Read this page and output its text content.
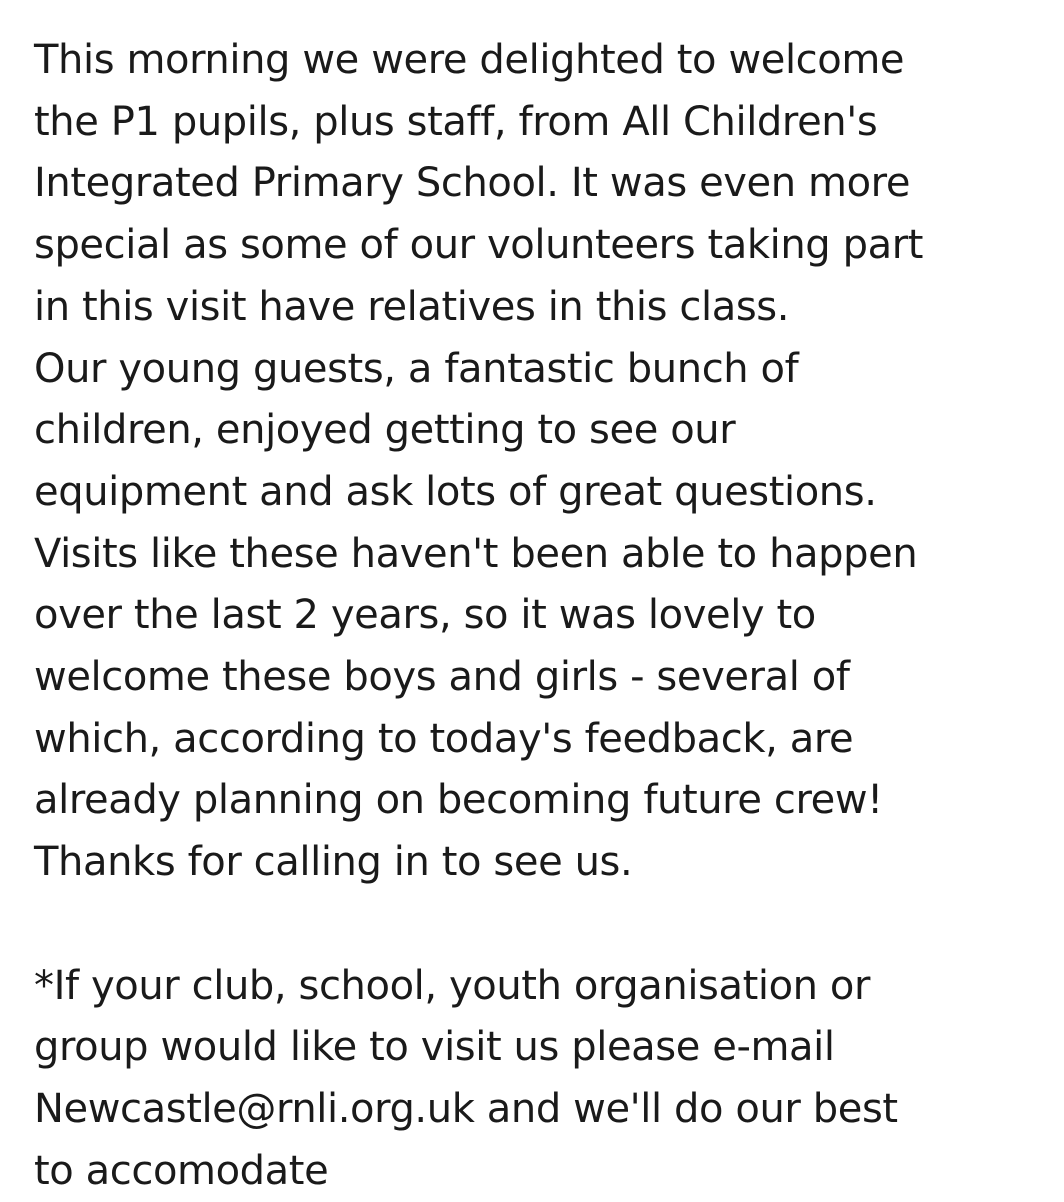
This morning we were delighted to welcome
the P1 pupils, plus staff, from All Children's
Integrated Primary School. It was even more
special as some of our volunteers taking part
in this visit have relatives in this class.
Our young guests, a fantastic bunch of
children, enjoyed getting to see our
equipment and ask lots of great questions.
Visits like these haven't been able to happen
over the last 2 years, so it was lovely to
welcome these boys and girls - several of
which, according to today's feedback, are
already planning on becoming future crew!
Thanks for calling in to see us.
*If your club, school, youth organisation or
group would like to visit us please e-mail
Newcastle@rnli.org.uk and we'll do our best
to accomodate
